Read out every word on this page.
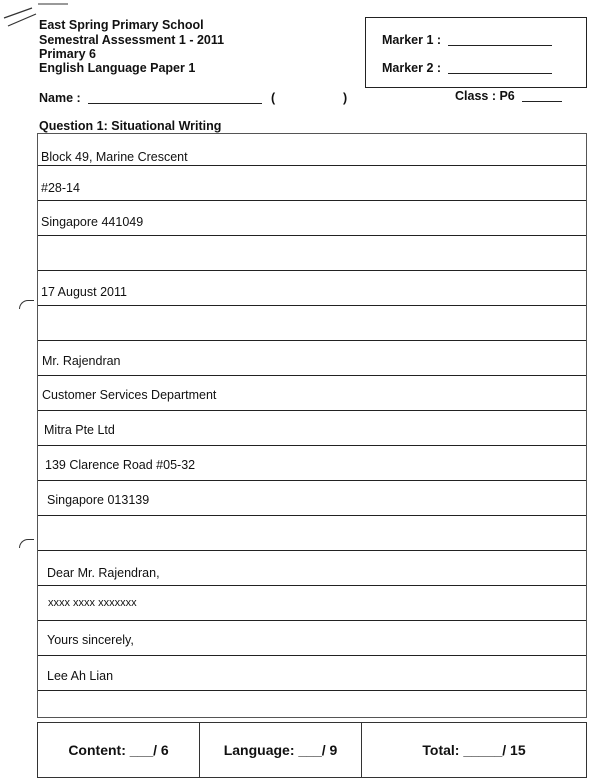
East Spring Primary School
Semestral Assessment 1 - 2011
Primary 6
English Language Paper 1
Marker 1 :
Marker 2 :
Name :	(	)	Class : P6
Question 1: Situational Writing
Block 49, Marine Crescent
#28-14
Singapore 441049
17 August 2011
Mr. Rajendran
Customer Services Department
Mitra Pte Ltd
139 Clarence Road #05-32
Singapore 013139
Dear Mr. Rajendran,
xxxx xxxx xxxxxxx
Yours sincerely,
Lee Ah Lian
Content: ___/ 6	Language: ___/ 9	Total: _____/ 15
